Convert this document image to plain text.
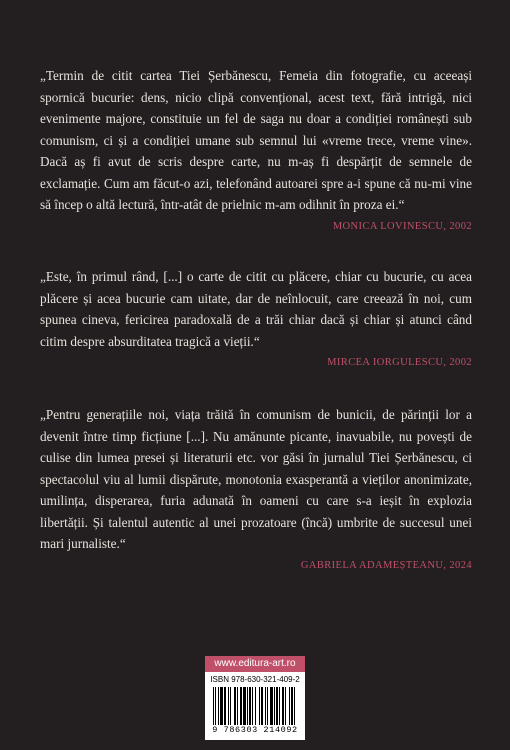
„Termin de citit cartea Tiei Șerbănescu, Femeia din fotografie, cu aceeași spornică bucurie: dens, nicio clipă convențional, acest text, fără intrigă, nici evenimente majore, constituie un fel de saga nu doar a condiției românești sub comunism, ci și a condiției umane sub semnul lui «vreme trece, vreme vine». Dacă aș fi avut de scris despre carte, nu m-aș fi despărțit de semnele de exclamație. Cum am făcut-o azi, telefonând autoarei spre a-i spune că nu-mi vine să încep o altă lectură, într-atât de prielnic m-am odihnit în proza ei.“

MONICA LOVINESCU, 2002

„Este, în primul rând, [...] o carte de citit cu plăcere, chiar cu bucurie, cu acea plăcere și acea bucurie cam uitate, dar de neînlocuit, care creează în noi, cum spunea cineva, fericirea paradoxală de a trăi chiar dacă și chiar și atunci când citim despre absurditatea tragică a vieții.“

MIRCEA IORGULESCU, 2002

„Pentru generațiile noi, viața trăită în comunism de bunicii, de părinții lor a devenit între timp ficțiune [...]. Nu amănunte picante, inavuabile, nu povești de culise din lumea presei și literaturii etc. vor găsi în jurnalul Tiei Șerbănescu, ci spectacolul viu al lumii dispărute, monotonia exasperantă a vieților anonimizate, umilința, disperarea, furia adunată în oameni cu care s-a ieșit în explozia libertății. Și talentul autentic al unei prozatoare (încă) umbrite de succesul unei mari jurnaliste.“

GABRIELA ADAMEȘTEANU, 2024
www.editura-art.ro
ISBN 978-630-321-409-2
9 786303 214092
